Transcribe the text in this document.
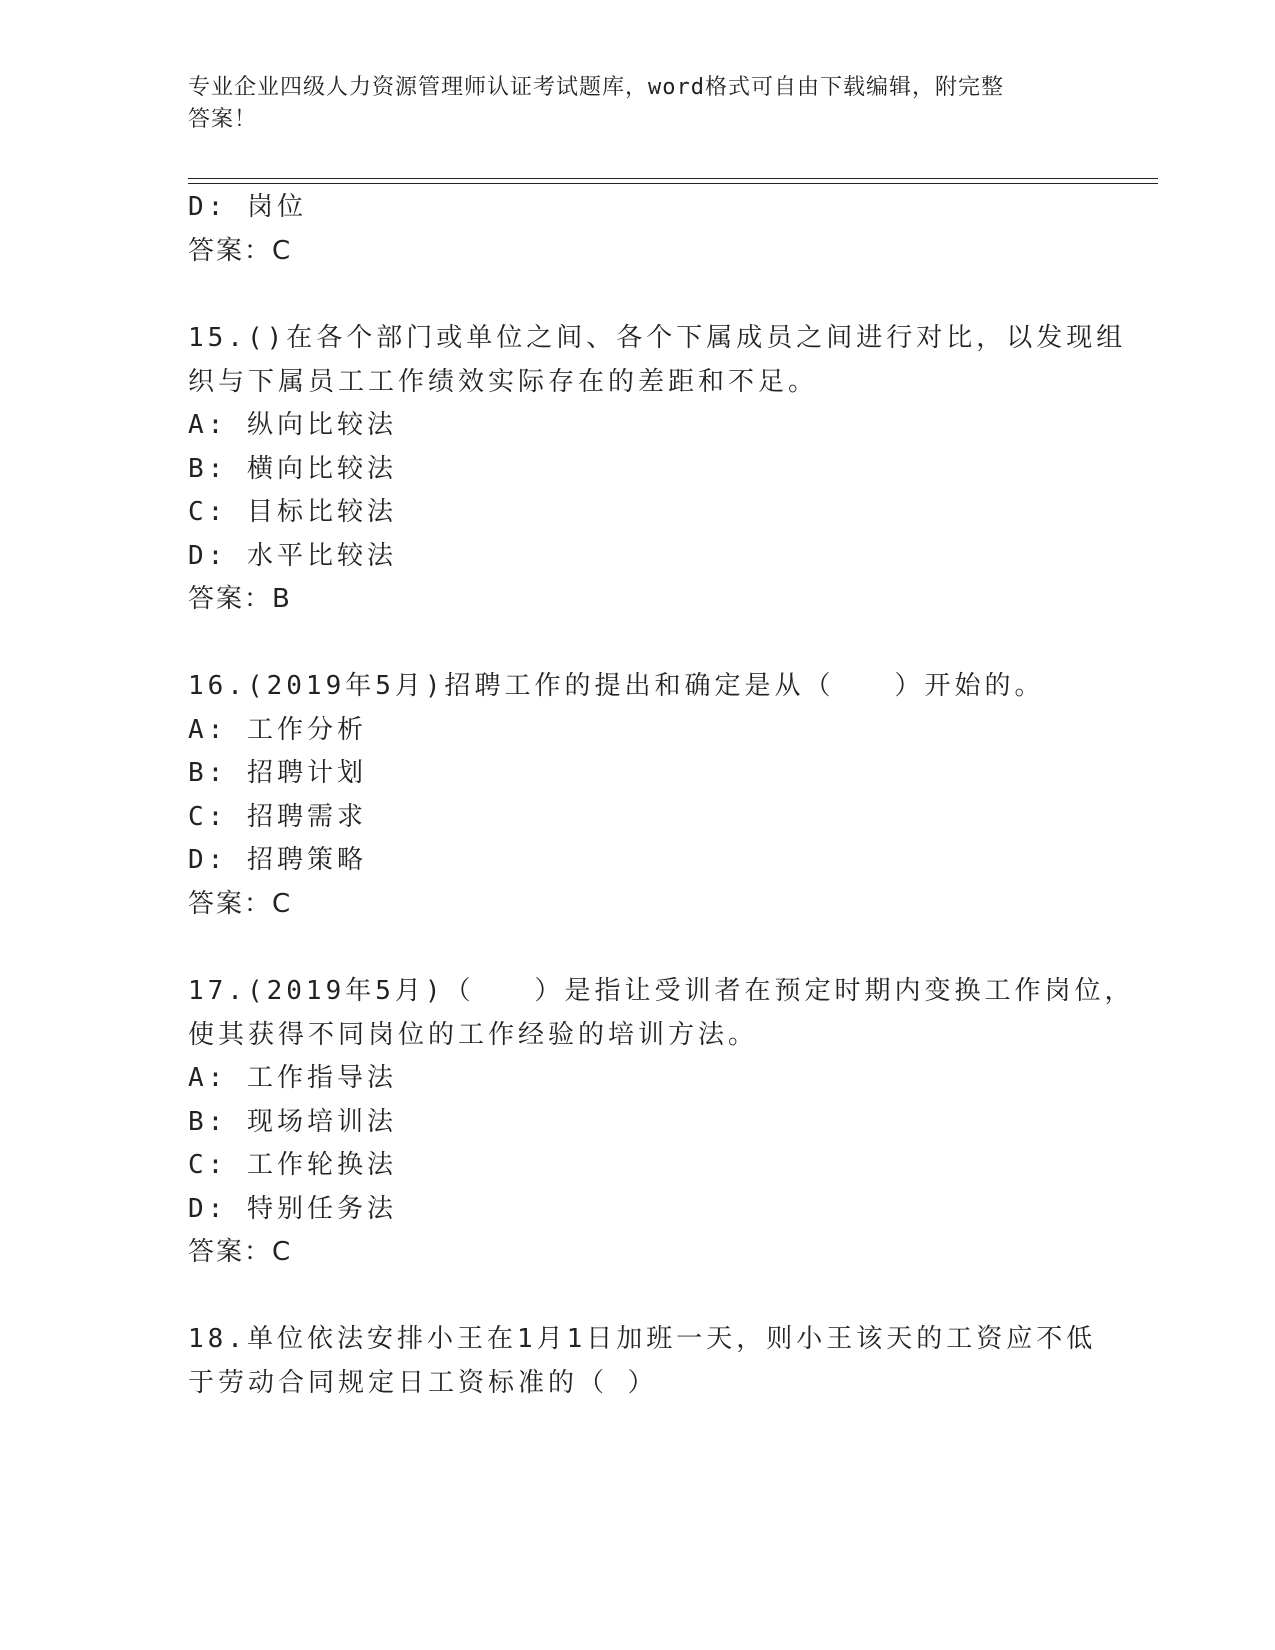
专业企业四级人力资源管理师认证考试题库，word格式可自由下载编辑，附完整
答案！
D: 岗位
答案：C
15.()在各个部门或单位之间、各个下属成员之间进行对比，以发现组
织与下属员工工作绩效实际存在的差距和不足。
A: 纵向比较法
B: 横向比较法
C: 目标比较法
D: 水平比较法
答案：B
16.(2019年5月)招聘工作的提出和确定是从（　　）开始的。
A: 工作分析
B: 招聘计划
C: 招聘需求
D: 招聘策略
答案：C
17.(2019年5月)（　　）是指让受训者在预定时期内变换工作岗位，
使其获得不同岗位的工作经验的培训方法。
A: 工作指导法
B: 现场培训法
C: 工作轮换法
D: 特别任务法
答案：C
18.单位依法安排小王在1月1日加班一天，则小王该天的工资应不低
于劳动合同规定日工资标准的（ ）
